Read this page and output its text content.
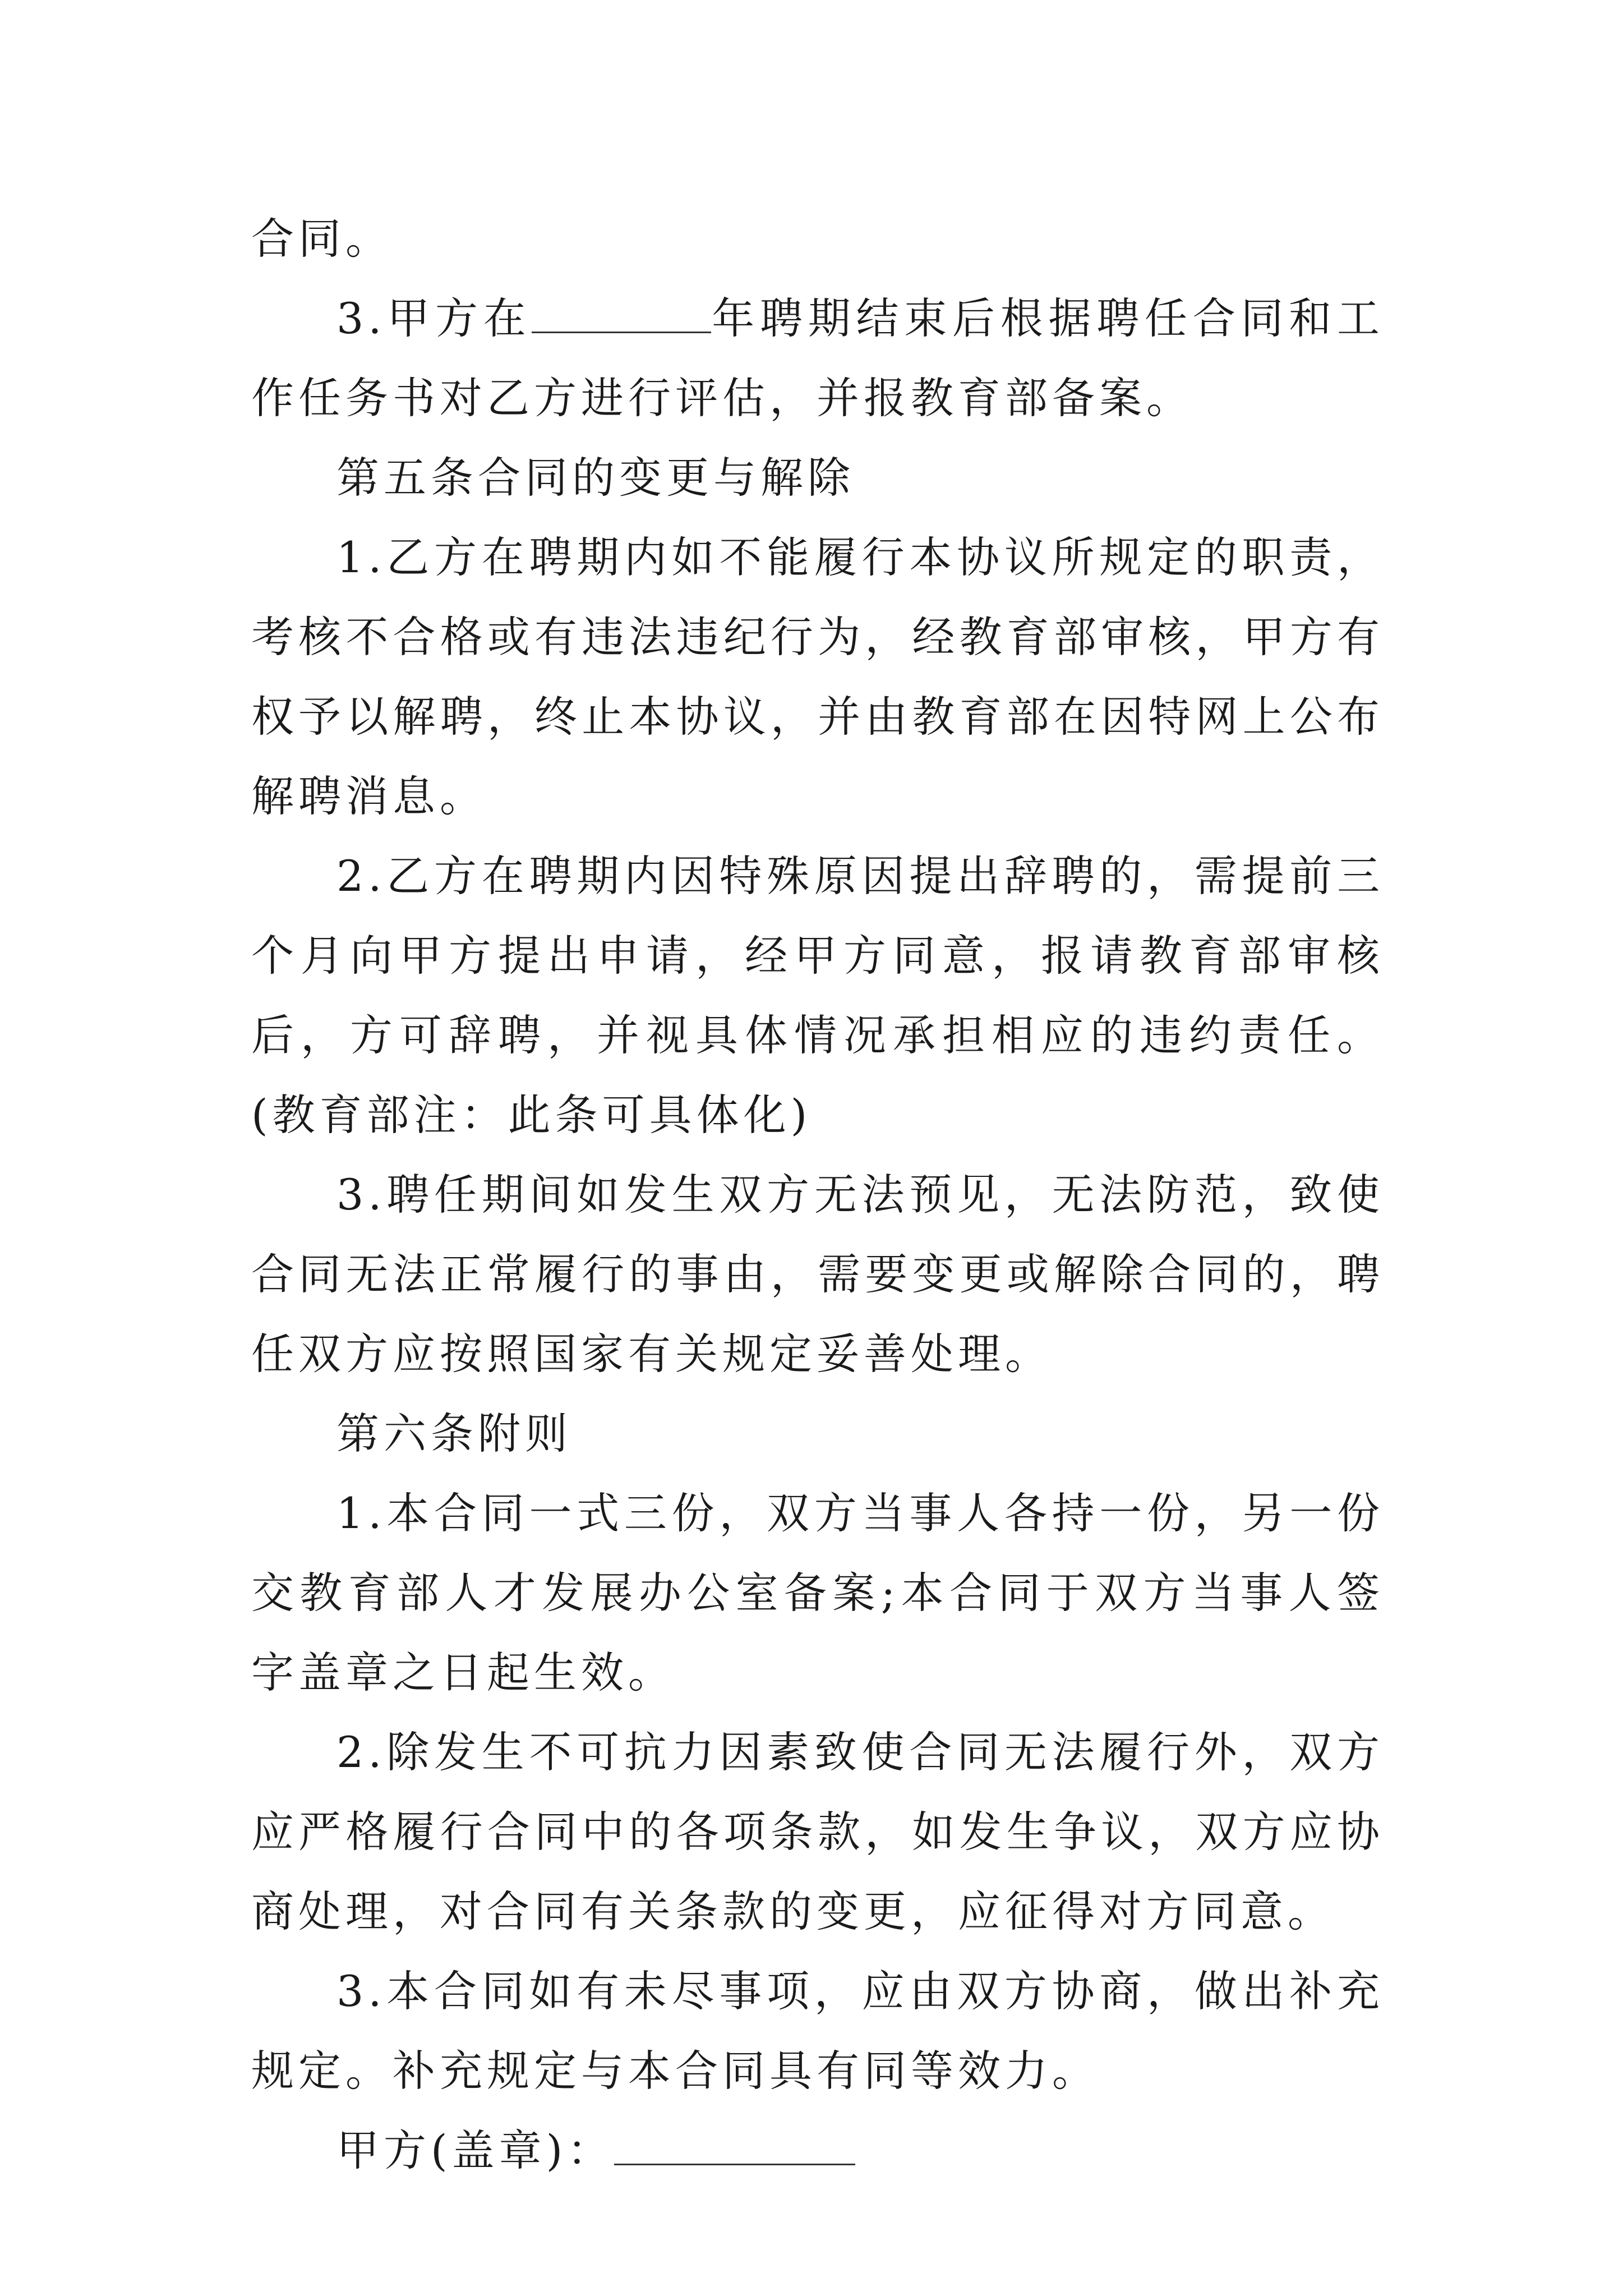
合同。

3.甲方在	年聘期结束后根据聘任合同和工作任务书对乙方进行评估，并报教育部备案。

第五条合同的变更与解除

1.乙方在聘期内如不能履行本协议所规定的职责，考核不合格或有违法违纪行为，经教育部审核，甲方有权予以解聘，终止本协议，并由教育部在因特网上公布解聘消息。

2.乙方在聘期内因特殊原因提出辞聘的，需提前三个月向甲方提出申请，经甲方同意，报请教育部审核后，方可辞聘，并视具体情况承担相应的违约责任。(教育部注：此条可具体化)

3.聘任期间如发生双方无法预见，无法防范，致使合同无法正常履行的事由，需要变更或解除合同的，聘任双方应按照国家有关规定妥善处理。

第六条附则

1.本合同一式三份，双方当事人各持一份，另一份交教育部人才发展办公室备案;本合同于双方当事人签字盖章之日起生效。

2.除发生不可抗力因素致使合同无法履行外，双方应严格履行合同中的各项条款，如发生争议，双方应协商处理，对合同有关条款的变更，应征得对方同意。

3.本合同如有未尽事项，应由双方协商，做出补充规定。补充规定与本合同具有同等效力。

甲方(盖章)：
